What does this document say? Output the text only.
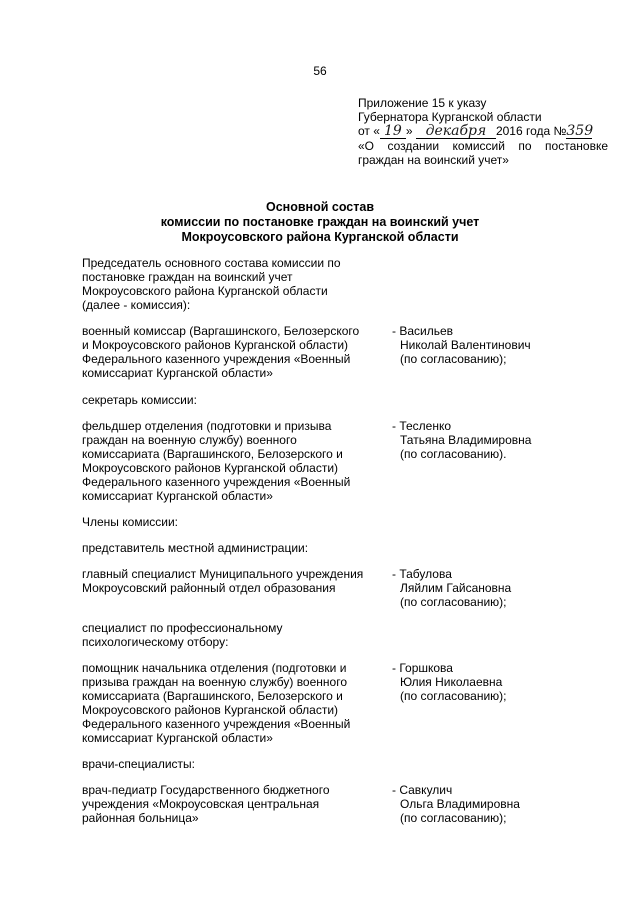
56
Приложение 15 к указу
Губернатора Курганской области
от « 19 » декабря 2016 года №359
«О создании комиссий по постановке
граждан на воинский учет»
Основной состав
комиссии по постановке граждан на воинский учет
Мокроусовского района Курганской области
Председатель основного состава комиссии по
постановке граждан на воинский учет
Мокроусовского района Курганской области
(далее - комиссия):
военный комиссар (Варгашинского, Белозерского
и Мокроусовского районов Курганской области)
Федерального казенного учреждения «Военный
комиссариат Курганской области»
- Васильев
Николай Валентинович
(по согласованию);
секретарь комиссии:
фельдшер отделения (подготовки и призыва
граждан на военную службу) военного
комиссариата (Варгашинского, Белозерского и
Мокроусовского районов Курганской области)
Федерального казенного учреждения «Военный
комиссариат Курганской области»
- Тесленко
Татьяна Владимировна
(по согласованию).
Члены комиссии:
представитель местной администрации:
главный специалист Муниципального учреждения
Мокроусовский районный отдел образования
- Табулова
Ляйлим Гайсановна
(по согласованию);
специалист по профессиональному
психологическому отбору:
помощник начальника отделения (подготовки и
призыва граждан на военную службу) военного
комиссариата (Варгашинского, Белозерского и
Мокроусовского районов Курганской области)
Федерального казенного учреждения «Военный
комиссариат Курганской области»
- Горшкова
Юлия Николаевна
(по согласованию);
врачи-специалисты:
врач-педиатр Государственного бюджетного
учреждения «Мокроусовская центральная
районная больница»
- Савкулич
Ольга Владимировна
(по согласованию);
